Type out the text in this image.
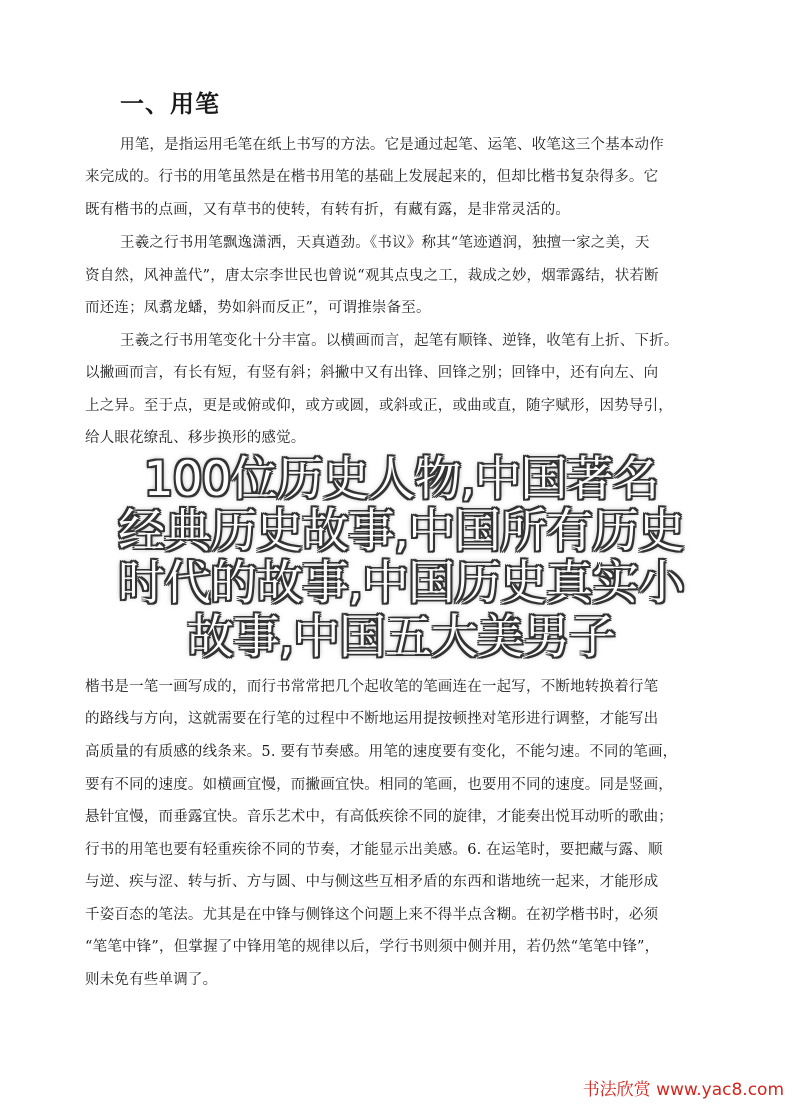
一、用笔
用笔，是指运用毛笔在纸上书写的方法。它是通过起笔、运笔、收笔这三个基本动作
来完成的。行书的用笔虽然是在楷书用笔的基础上发展起来的，但却比楷书复杂得多。它
既有楷书的点画，又有草书的使转，有转有折，有藏有露，是非常灵活的。
王羲之行书用笔飘逸潇洒，天真遒劲。《书议》称其“笔迹遒润，独擅一家之美，天
资自然，风神盖代”，唐太宗李世民也曾说“观其点曳之工，裁成之妙，烟霏露结，状若断
而还连；凤翥龙蟠，势如斜而反正”，可谓推崇备至。
王羲之行书用笔变化十分丰富。以横画而言，起笔有顺锋、逆锋，收笔有上折、下折。
以撇画而言，有长有短，有竖有斜；斜撇中又有出锋、回锋之别；回锋中，还有向左、向
上之异。至于点，更是或俯或仰，或方或圆，或斜或正，或曲或直，随字赋形，因势导引，
给人眼花缭乱、移步换形的感觉。
楷书是一笔一画写成的，而行书常常把几个起收笔的笔画连在一起写，不断地转换着行笔
的路线与方向，这就需要在行笔的过程中不断地运用提按顿挫对笔形进行调整，才能写出
高质量的有质感的线条来。5. 要有节奏感。用笔的速度要有变化，不能匀速。不同的笔画，
要有不同的速度。如横画宜慢，而撇画宜快。相同的笔画，也要用不同的速度。同是竖画，
悬针宜慢，而垂露宜快。音乐艺术中，有高低疾徐不同的旋律，才能奏出悦耳动听的歌曲；
行书的用笔也要有轻重疾徐不同的节奏，才能显示出美感。6. 在运笔时，要把藏与露、顺
与逆、疾与涩、转与折、方与圆、中与侧这些互相矛盾的东西和谐地统一起来，才能形成
千姿百态的笔法。尤其是在中锋与侧锋这个问题上来不得半点含糊。在初学楷书时，必须
“笔笔中锋”，但掌握了中锋用笔的规律以后，学行书则须中侧并用，若仍然“笔笔中锋”，
则未免有些单调了。
100位历史人物,中国著名
经典历史故事,中国所有历史
时代的故事,中国历史真实小
故事,中国五大美男子
书法欣赏 www.yac8.com
